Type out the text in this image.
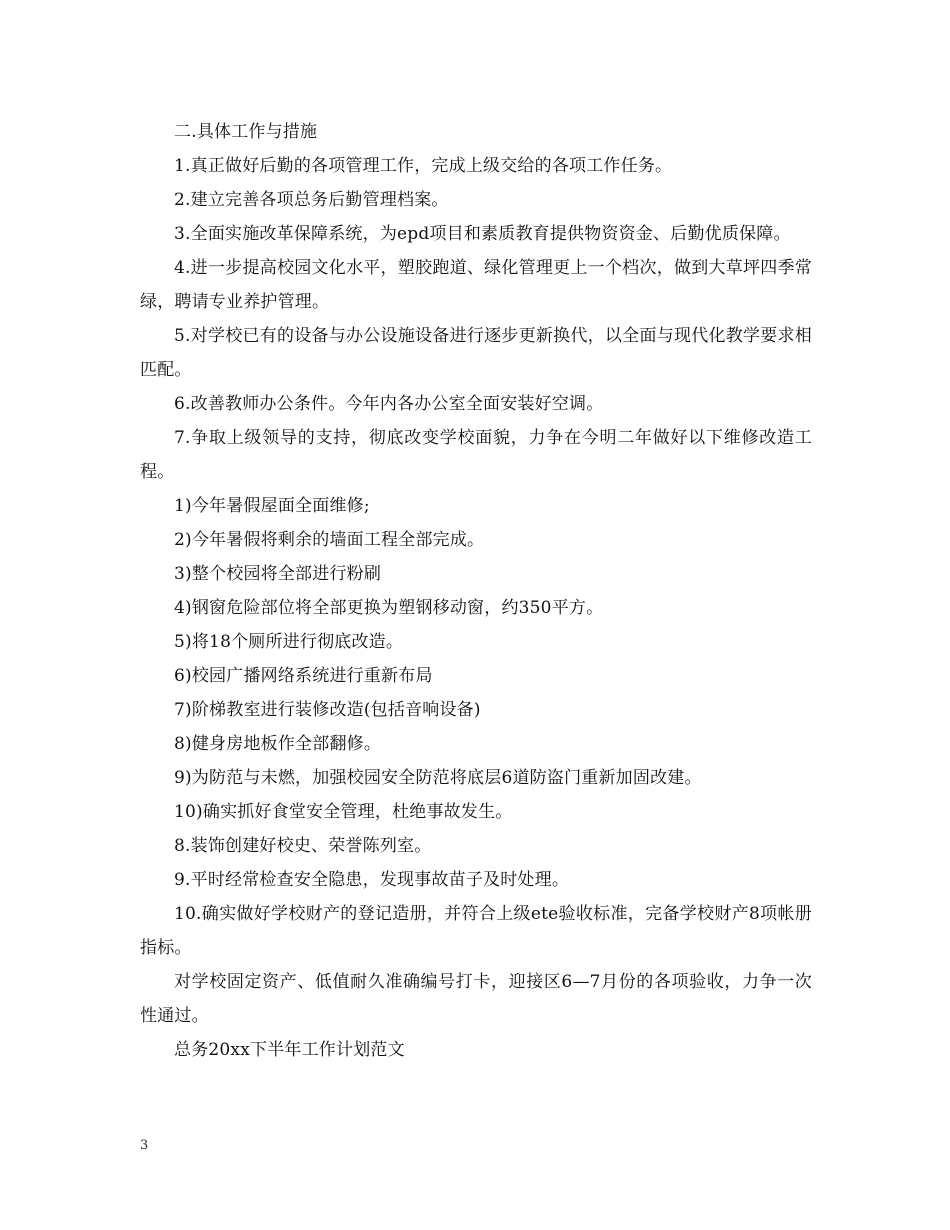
二.具体工作与措施

1.真正做好后勤的各项管理工作，完成上级交给的各项工作任务。

2.建立完善各项总务后勤管理档案。

3.全面实施改革保障系统，为epd项目和素质教育提供物资资金、后勤优质保障。

4.进一步提高校园文化水平，塑胶跑道、绿化管理更上一个档次，做到大草坪四季常绿，聘请专业养护管理。

5.对学校已有的设备与办公设施设备进行逐步更新换代，以全面与现代化教学要求相匹配。

6.改善教师办公条件。今年内各办公室全面安装好空调。

7.争取上级领导的支持，彻底改变学校面貌，力争在今明二年做好以下维修改造工程。

1)今年暑假屋面全面维修;

2)今年暑假将剩余的墙面工程全部完成。

3)整个校园将全部进行粉刷

4)钢窗危险部位将全部更换为塑钢移动窗，约350平方。

5)将18个厕所进行彻底改造。

6)校园广播网络系统进行重新布局

7)阶梯教室进行装修改造(包括音响设备)

8)健身房地板作全部翻修。

9)为防范与未燃，加强校园安全防范将底层6道防盗门重新加固改建。

10)确实抓好食堂安全管理，杜绝事故发生。

8.装饰创建好校史、荣誉陈列室。

9.平时经常检查安全隐患，发现事故苗子及时处理。

10.确实做好学校财产的登记造册，并符合上级ete验收标准，完备学校财产8项帐册指标。

对学校固定资产、低值耐久准确编号打卡，迎接区6—7月份的各项验收，力争一次性通过。

总务20xx下半年工作计划范文

3
